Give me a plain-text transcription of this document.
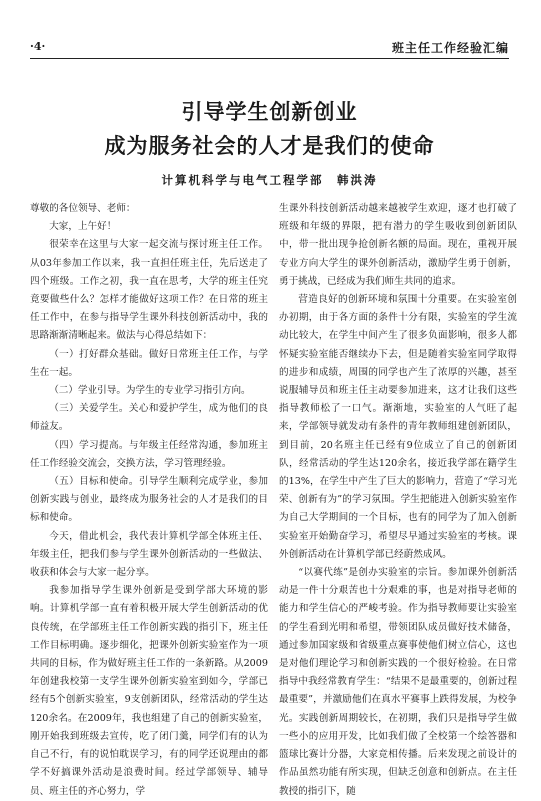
·4·	班主任工作经验汇编
引导学生创新创业
成为服务社会的人才是我们的使命
计算机科学与电气工程学部　韩洪涛

尊敬的各位领导、老师：

大家，上午好！

很荣幸在这里与大家一起交流与探讨班主任工作。从03年参加工作以来，我一直担任班主任，先后送走了四个班级。工作之初，我一直在思考，大学的班主任究竟要做些什么？怎样才能做好这项工作？在日常的班主任工作中，在参与指导学生课外科技创新活动中，我的思路渐渐清晰起来。做法与心得总结如下：

（一）打好群众基础。做好日常班主任工作，与学生在一起。

（二）学业引导。为学生的专业学习指引方向。

（三）关爱学生。关心和爱护学生，成为他们的良师益友。

（四）学习提高。与年级主任经常沟通，参加班主任工作经验交流会，交换方法，学习管理经验。

（五）目标和使命。引导学生顺利完成学业，参加创新实践与创业，最终成为服务社会的人才是我们的目标和使命。

今天，借此机会，我代表计算机学部全体班主任、年级主任，把我们参与学生课外创新活动的一些做法、收获和体会与大家一起分享。

我参加指导学生课外创新是受到学部大环境的影响。计算机学部一直有着积极开展大学生创新活动的优良传统，在学部班主任工作创新实践的指引下，班主任工作目标明确。逐步细化，把课外创新实验室作为一项共同的目标，作为做好班主任工作的一条新路。从2009年创建我校第一支学生课外创新实验室到如今，学部已经有5个创新实验室，9支创新团队，经常活动的学生达120余名。在2009年，我也组建了自己的创新实验室，刚开始我到班级去宣传，吃了闭门羹，同学们有的认为自己不行，有的说怕耽误学习，有的同学还说理由的都学不好搞课外活动是浪费时间。经过学部领导、辅导员、班主任的齐心努力，学

生课外科技创新活动越来越被学生欢迎，逐才也打破了班级和年级的界限，把有潜力的学生吸收到创新团队中，带一批出现争抢创新名额的局面。现在，重视开展专业方向大学生的课外创新活动，激励学生勇于创新，勇于挑战，已经成为我们师生共同的追求。

营造良好的创新环境和氛围十分重要。在实验室创办初期，由于各方面的条件十分有限，实验室的学生流动比较大，在学生中间产生了很多负面影响，很多人都怀疑实验室能否继续办下去，但是随着实验室同学取得的进步和成绩，周围的同学也产生了浓厚的兴趣，甚至说服辅导员和班主任主动要参加进来，这才让我们这些指导教师松了一口气。渐渐地，实验室的人气旺了起来，学部领导就发动有条件的青年教师组建创新团队，到目前，20名班主任已经有9位成立了自己的创新团队，经常活动的学生达120余名，接近我学部在籍学生的13%，在学生中产生了巨大的影响力，营造了“学习光荣、创新有为”的学习氛围。学生把能进入创新实验室作为自己大学期间的一个目标，也有的同学为了加入创新实验室开始勤奋学习，希望尽早通过实验室的考核。课外创新活动在计算机学部已经蔚然成风。

“以赛代练”是创办实验室的宗旨。参加课外创新活动是一件十分艰苦也十分艰难的事，也是对指导老师的能力和学生信心的严峻考验。作为指导教师要让实验室的学生看到光明和希望，带领团队成员做好技术储备，通过参加国家级和省级重点赛事使他们树立信心，这也是对他们理论学习和创新实践的一个很好检验。在日常指导中我经常教育学生：“结果不是最重要的，创新过程最重要”，并激励他们在真水平赛事上跌得发展，为校争光。实践创新周期较长，在初期，我们只是指导学生做一些小的应用开发，比如我们做了全校第一个绘答器和篮球比赛计分器，大家竞相传播。后来发现之前设计的作品虽然功能有所实现，但缺乏创意和创新点。在主任教授的指引下，随
